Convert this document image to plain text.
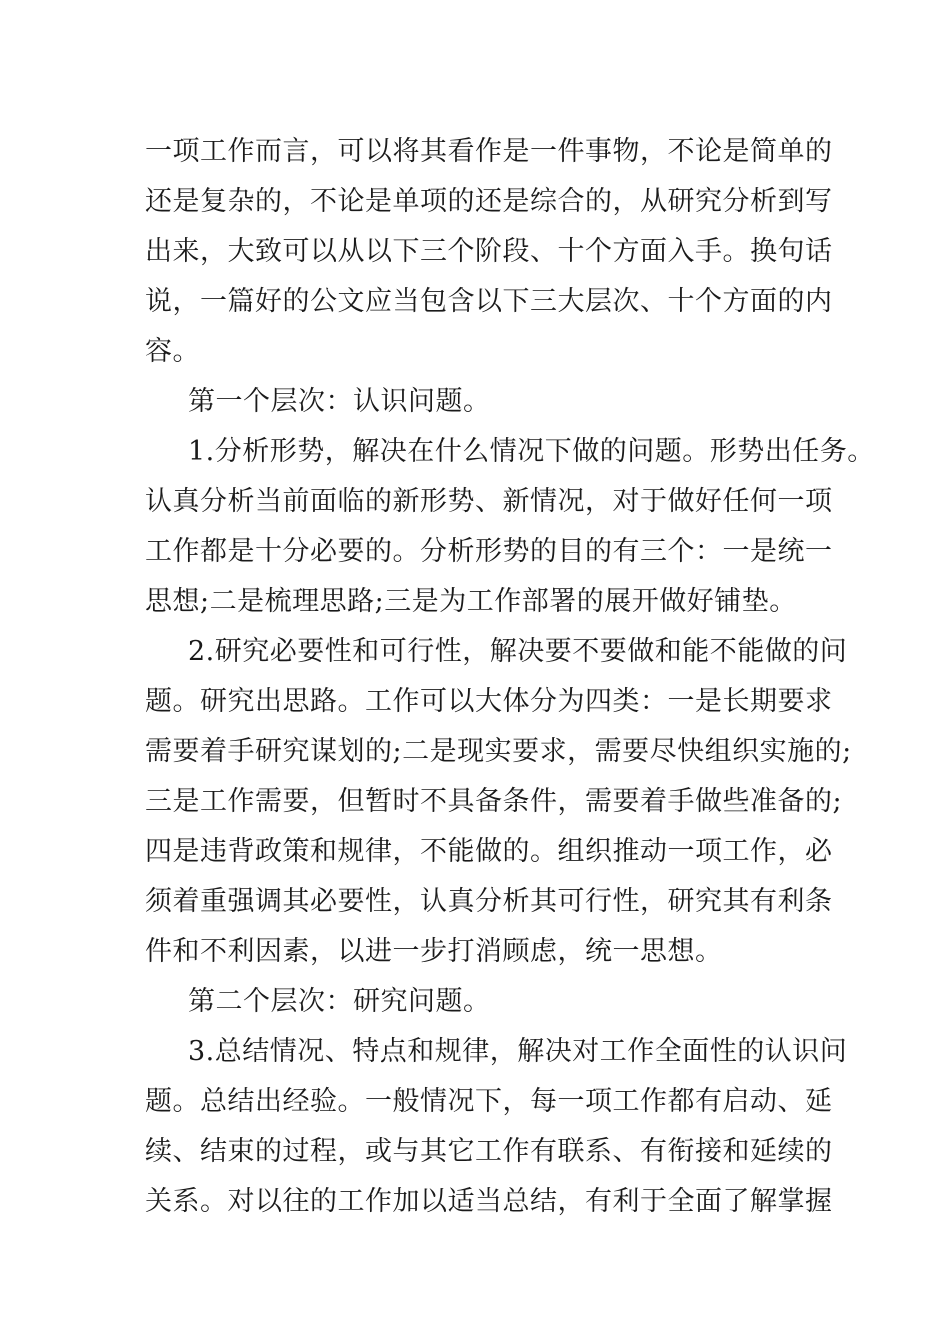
一项工作而言，可以将其看作是一件事物，不论是简单的
还是复杂的，不论是单项的还是综合的，从研究分析到写
出来，大致可以从以下三个阶段、十个方面入手。换句话
说，一篇好的公文应当包含以下三大层次、十个方面的内
容。
第一个层次：认识问题。
1.分析形势，解决在什么情况下做的问题。形势出任务。
认真分析当前面临的新形势、新情况，对于做好任何一项
工作都是十分必要的。分析形势的目的有三个：一是统一
思想;二是梳理思路;三是为工作部署的展开做好铺垫。
2.研究必要性和可行性，解决要不要做和能不能做的问
题。研究出思路。工作可以大体分为四类：一是长期要求
需要着手研究谋划的;二是现实要求，需要尽快组织实施的;
三是工作需要，但暂时不具备条件，需要着手做些准备的;
四是违背政策和规律，不能做的。组织推动一项工作，必
须着重强调其必要性，认真分析其可行性，研究其有利条
件和不利因素，以进一步打消顾虑，统一思想。
第二个层次：研究问题。
3.总结情况、特点和规律，解决对工作全面性的认识问
题。总结出经验。一般情况下，每一项工作都有启动、延
续、结束的过程，或与其它工作有联系、有衔接和延续的
关系。对以往的工作加以适当总结，有利于全面了解掌握
